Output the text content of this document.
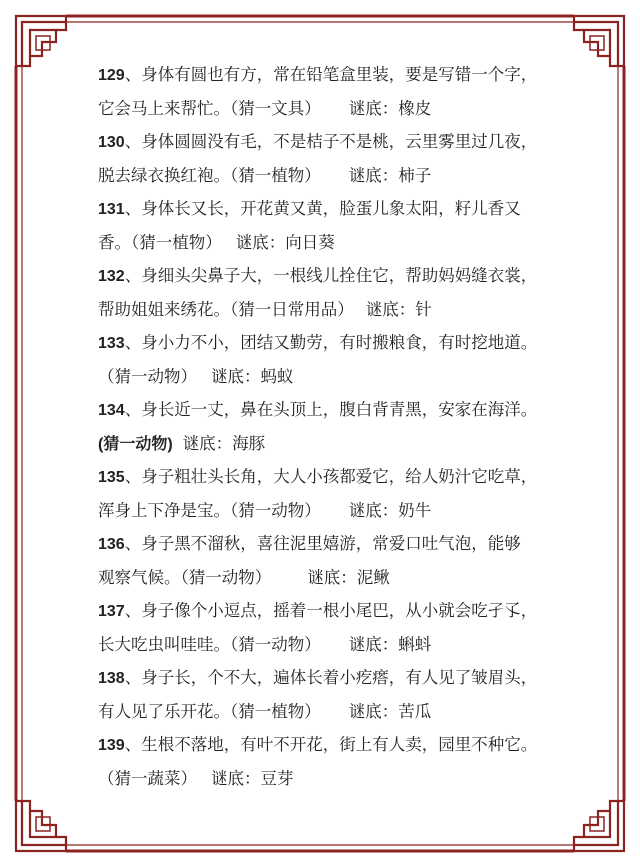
129、身体有圆也有方，常在铅笔盒里装，要是写错一个字，
它会马上来帮忙。（猜一文具） 谜底：橡皮
130、身体圆圆没有毛，不是桔子不是桃，云里雾里过几夜，
脱去绿衣换红袍。（猜一植物） 谜底：柿子
131、身体长又长，开花黄又黄，脸蛋儿象太阳，籽儿香又
香。（猜一植物） 谜底：向日葵
132、身细头尖鼻子大，一根线儿拴住它，帮助妈妈缝衣裳，
帮助姐姐来绣花。（猜一日常用品） 谜底：针
133、身小力不小，团结又勤劳，有时搬粮食，有时挖地道。
（猜一动物） 谜底：蚂蚁
134、身长近一丈，鼻在头顶上，腹白背青黑，安家在海洋。
(猜一动物) 谜底：海豚
135、身子粗壮头长角，大人小孩都爱它，给人奶汁它吃草，
浑身上下净是宝。（猜一动物） 谜底：奶牛
136、身子黑不溜秋，喜往泥里嬉游，常爱口吐气泡，能够
观察气候。（猜一动物） 谜底：泥鳅
137、身子像个小逗点，摇着一根小尾巴，从小就会吃孑孓，
长大吃虫叫哇哇。（猜一动物） 谜底：蝌蚪
138、身子长，个不大，遍体长着小疙瘩，有人见了皱眉头，
有人见了乐开花。（猜一植物） 谜底：苦瓜
139、生根不落地，有叶不开花，街上有人卖，园里不种它。
（猜一蔬菜） 谜底：豆芽
